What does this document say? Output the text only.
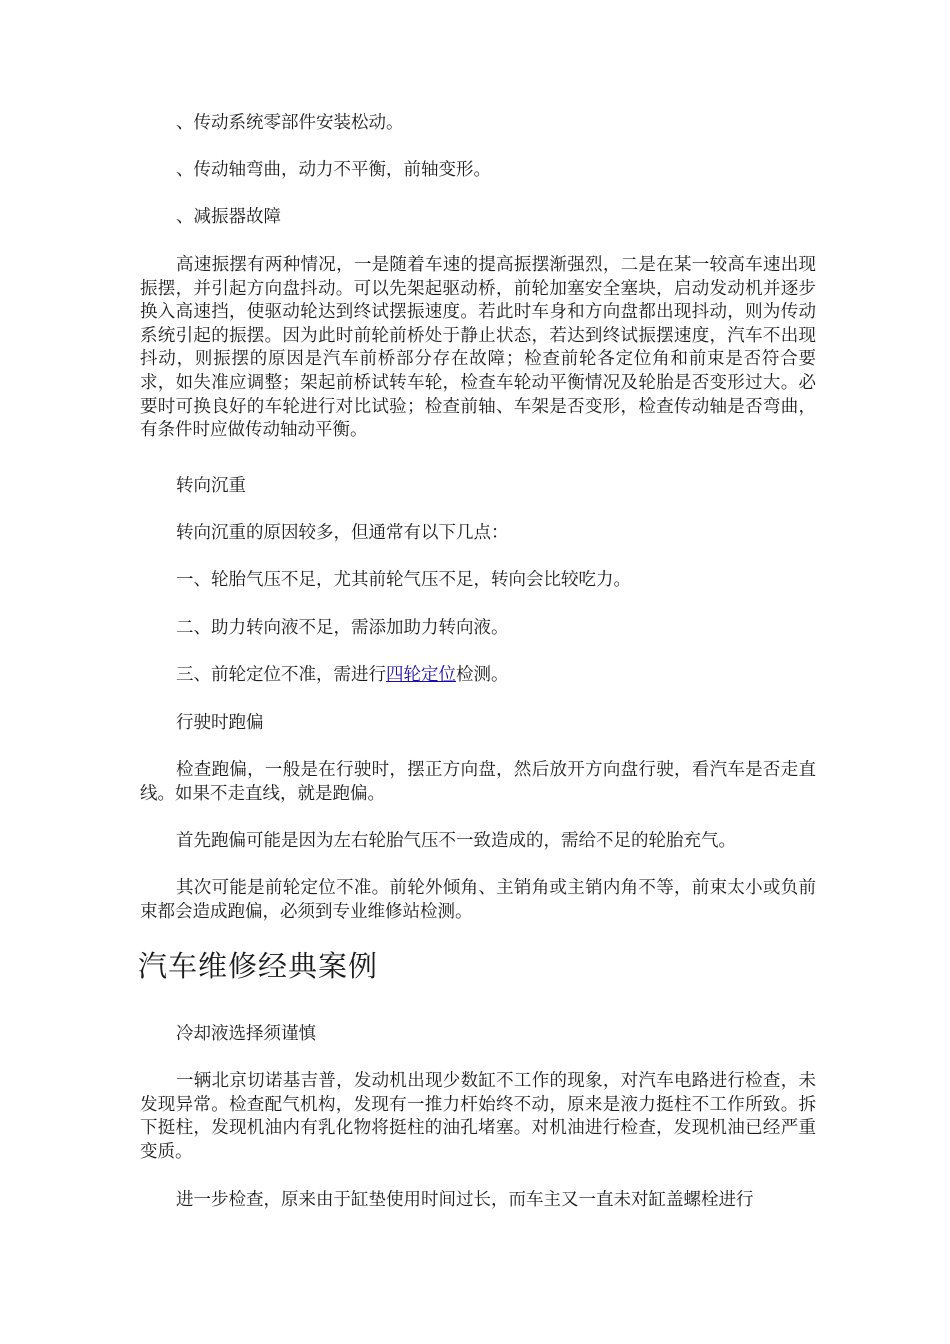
、传动系统零部件安装松动。

、传动轴弯曲，动力不平衡，前轴变形。

、减振器故障

高速振摆有两种情况，一是随着车速的提高振摆渐强烈，二是在某一较高车速出现振摆，并引起方向盘抖动。可以先架起驱动桥，前轮加塞安全塞块，启动发动机并逐步换入高速挡，使驱动轮达到终试摆振速度。若此时车身和方向盘都出现抖动，则为传动系统引起的振摆。因为此时前轮前桥处于静止状态，若达到终试振摆速度，汽车不出现抖动，则振摆的原因是汽车前桥部分存在故障；检查前轮各定位角和前束是否符合要求，如失准应调整；架起前桥试转车轮，检查车轮动平衡情况及轮胎是否变形过大。必要时可换良好的车轮进行对比试验；检查前轴、车架是否变形，检查传动轴是否弯曲，有条件时应做传动轴动平衡。

转向沉重

转向沉重的原因较多，但通常有以下几点：

一、轮胎气压不足，尤其前轮气压不足，转向会比较吃力。

二、助力转向液不足，需添加助力转向液。

三、前轮定位不准，需进行四轮定位检测。

行驶时跑偏

检查跑偏，一般是在行驶时，摆正方向盘，然后放开方向盘行驶，看汽车是否走直线。如果不走直线，就是跑偏。

首先跑偏可能是因为左右轮胎气压不一致造成的，需给不足的轮胎充气。

其次可能是前轮定位不准。前轮外倾角、主销角或主销内角不等，前束太小或负前束都会造成跑偏，必须到专业维修站检测。

汽车维修经典案例

冷却液选择须谨慎

一辆北京切诺基吉普，发动机出现少数缸不工作的现象，对汽车电路进行检查，未发现异常。检查配气机构，发现有一推力杆始终不动，原来是液力挺柱不工作所致。拆下挺柱，发现机油内有乳化物将挺柱的油孔堵塞。对机油进行检查，发现机油已经严重变质。

进一步检查，原来由于缸垫使用时间过长，而车主又一直未对缸盖螺栓进行
